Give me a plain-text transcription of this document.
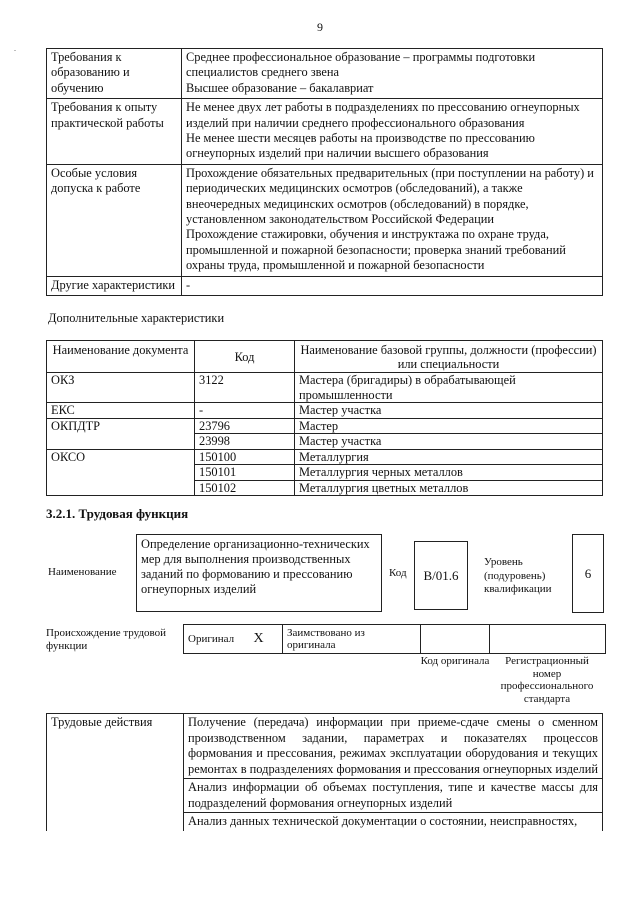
.
9
Требования к образованию и обучению	Среднее профессиональное образование – программы подготовки специалистов среднего звена
Высшее образование – бакалавриат

Требования к опыту практической работы	Не менее двух лет работы в подразделениях по прессованию огнеупорных изделий при наличии среднего профессионального образования
Не менее шести месяцев работы на производстве по прессованию огнеупорных изделий при наличии высшего образования

Особые условия допуска к работе	Прохождение обязательных предварительных (при поступлении на работу) и периодических медицинских осмотров (обследований), а также внеочередных медицинских осмотров (обследований) в порядке, установленном законодательством Российской Федерации
Прохождение стажировки, обучения и инструктажа по охране труда, промышленной и пожарной безопасности; проверка знаний требований охраны труда, промышленной и пожарной безопасности

Другие характеристики	-
Дополнительные характеристики
Наименование документа	Код	Наименование базовой группы, должности (профессии) или специальности
ОКЗ	3122	Мастера (бригадиры) в обрабатывающей промышленности
ЕКС	-	Мастер участка
ОКПДТР	23796	Мастер
	23998	Мастер участка
ОКСО	150100	Металлургия
	150101	Металлургия черных металлов
	150102	Металлургия цветных металлов
3.2.1. Трудовая функция
Наименование
Определение организационно-технических мер для выполнения производственных заданий по формованию и прессованию огнеупорных изделий
Код	В/01.6
Уровень (подуровень) квалификации
6
Происхождение трудовой функции
Оригинал	X	Заимствовано из оригинала		
Код оригинала	Регистрационный номер профессионального стандарта
Трудовые действия	Получение (передача) информации при приеме-сдаче смены о сменном производственном задании, параметрах и показателях процессов формования и прессования, режимах эксплуатации оборудования и текущих ремонтах в подразделениях формования и прессования огнеупорных изделий
	Анализ информации об объемах поступления, типе и качестве массы для подразделений формования огнеупорных изделий
	Анализ данных технической документации о состоянии, неисправностях,
